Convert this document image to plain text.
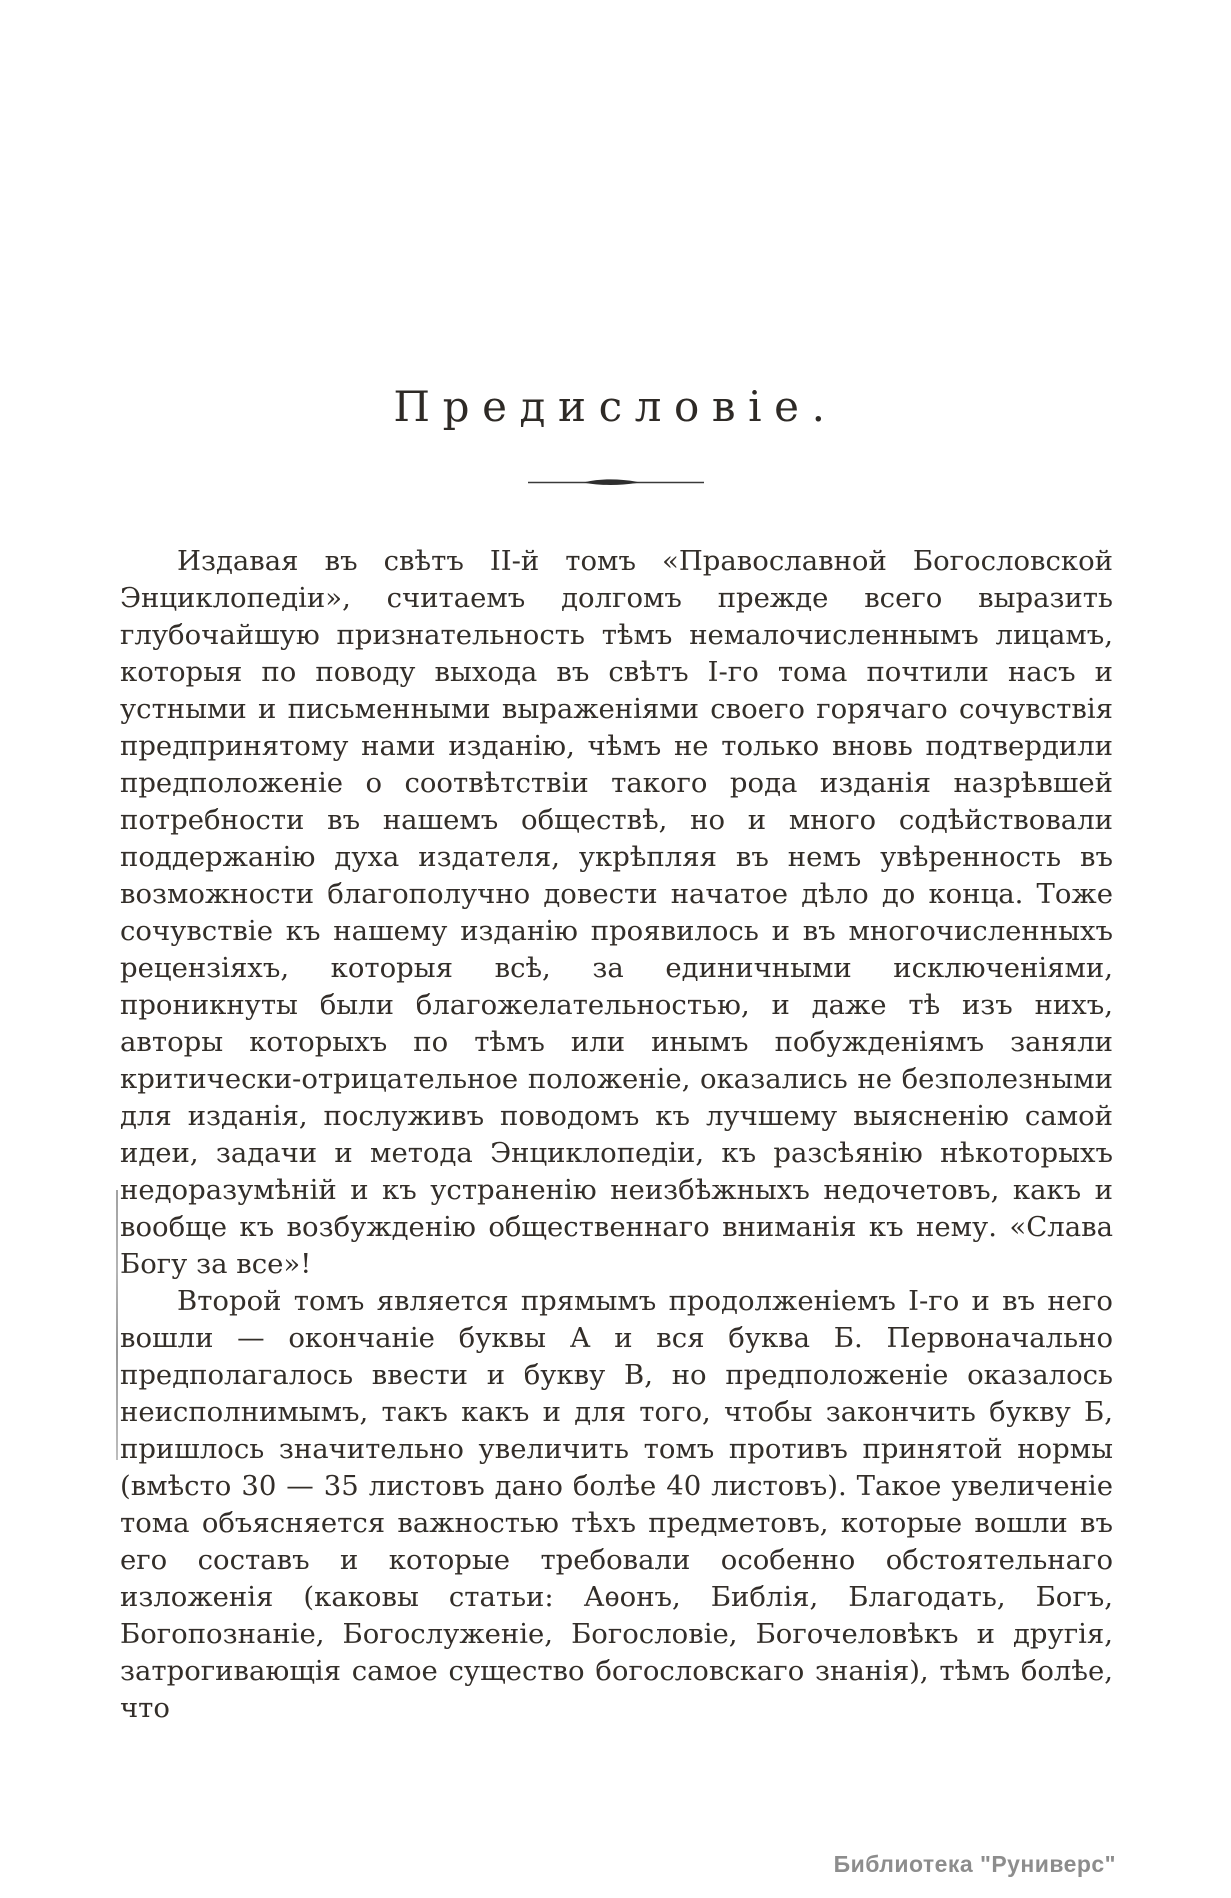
Предисловіе.

Издавая въ свѣтъ II-й томъ «Православной Богословской Энциклопедіи», считаемъ долгомъ прежде всего выразить глубочайшую признательность тѣмъ немалочисленнымъ лицамъ, которыя по поводу выхода въ свѣтъ I-го тома почтили насъ и устными и письменными выраженіями своего горячаго сочувствія предпринятому нами изданію, чѣмъ не только вновь подтвердили предположеніе о соотвѣтствіи такого рода изданія назрѣвшей потребности въ нашемъ обществѣ, но и много содѣйствовали поддержанію духа издателя, укрѣпляя въ немъ увѣренность въ возможности благополучно довести начатое дѣло до конца. Тоже сочувствіе къ нашему изданію проявилось и въ многочисленныхъ рецензіяхъ, которыя всѣ, за единичными исключеніями, проникнуты были благожелательностью, и даже тѣ изъ нихъ, авторы которыхъ по тѣмъ или инымъ побужденіямъ заняли критически-отрицательное положеніе, оказались не безполезными для изданія, послуживъ поводомъ къ лучшему выясненію самой идеи, задачи и метода Энциклопедіи, къ разсѣянію нѣкоторыхъ недоразумѣній и къ устраненію неизбѣжныхъ недочетовъ, какъ и вообще къ возбужденію общественнаго вниманія къ нему. «Слава Богу за все»!

Второй томъ является прямымъ продолженіемъ I-го и въ него вошли — окончаніе буквы А и вся буква Б. Первоначально предполагалось ввести и букву В, но предположеніе оказалось неисполнимымъ, такъ какъ и для того, чтобы закончить букву Б, пришлось значительно увеличить томъ противъ принятой нормы (вмѣсто 30 — 35 листовъ дано болѣе 40 листовъ). Такое увеличеніе тома объясняется важностью тѣхъ предметовъ, которые вошли въ его составъ и которые требовали особенно обстоятельнаго изложенія (каковы статьи: Аѳонъ, Библія, Благодать, Богъ, Богопознаніе, Богослуженіе, Богословіе, Богочеловѣкъ и другія, затрогивающія самое существо богословскаго знанія), тѣмъ болѣе, что

Библиотека "Руниверс"
